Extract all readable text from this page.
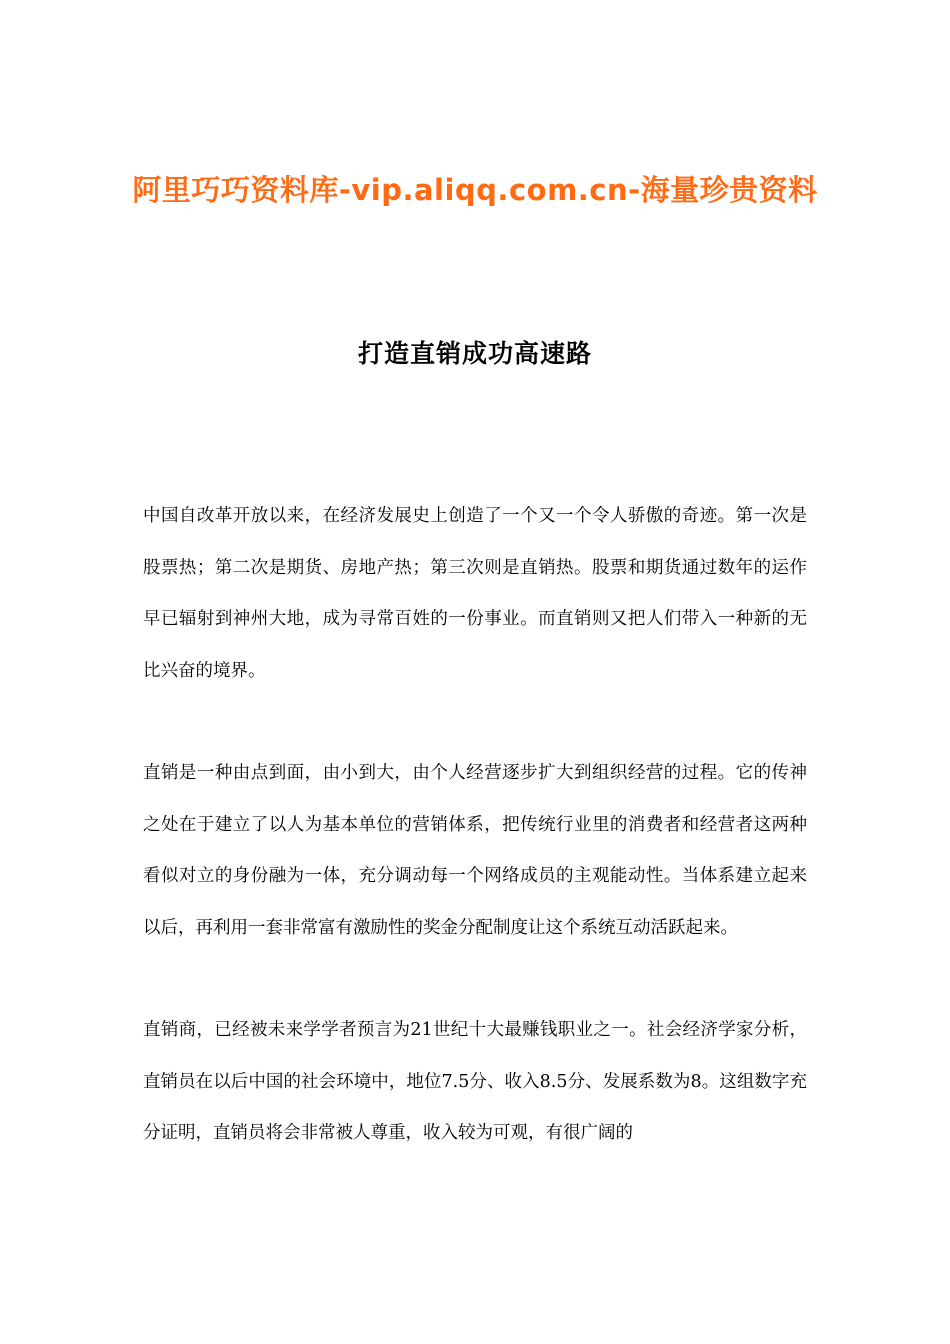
阿里巧巧资料库-vip.aliqq.com.cn-海量珍贵资料
打造直销成功高速路

中国自改革开放以来，在经济发展史上创造了一个又一个令人骄傲的奇迹。第一次是股票热；第二次是期货、房地产热；第三次则是直销热。股票和期货通过数年的运作早已辐射到神州大地，成为寻常百姓的一份事业。而直销则又把人们带入一种新的无比兴奋的境界。

直销是一种由点到面，由小到大，由个人经营逐步扩大到组织经营的过程。它的传神之处在于建立了以人为基本单位的营销体系，把传统行业里的消费者和经营者这两种看似对立的身份融为一体，充分调动每一个网络成员的主观能动性。当体系建立起来以后，再利用一套非常富有激励性的奖金分配制度让这个系统互动活跃起来。

直销商，已经被未来学学者预言为21世纪十大最赚钱职业之一。社会经济学家分析，直销员在以后中国的社会环境中，地位7.5分、收入8.5分、发展系数为8。这组数字充分证明，直销员将会非常被人尊重，收入较为可观，有很广阔的
